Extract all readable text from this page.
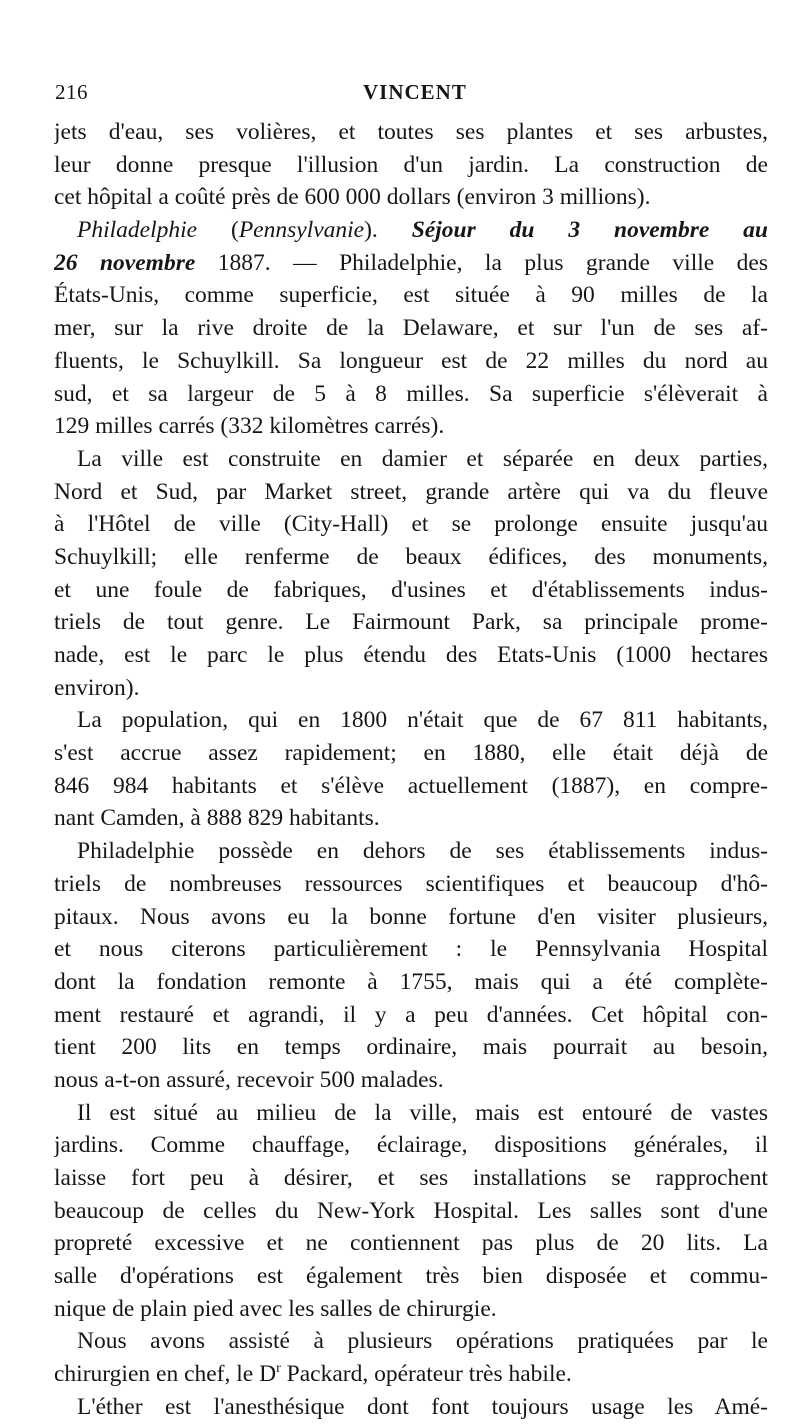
216	VINCENT
jets d'eau, ses volières, et toutes ses plantes et ses arbustes,
leur donne presque l'illusion d'un jardin. La construction de
cet hôpital a coûté près de 600 000 dollars (environ 3 millions).
Philadelphie (Pennsylvanie). Séjour du 3 novembre au
26 novembre 1887. — Philadelphie, la plus grande ville des
États-Unis, comme superficie, est située à 90 milles de la
mer, sur la rive droite de la Delaware, et sur l'un de ses af-
fluents, le Schuylkill. Sa longueur est de 22 milles du nord au
sud, et sa largeur de 5 à 8 milles. Sa superficie s'élèverait à
129 milles carrés (332 kilomètres carrés).
La ville est construite en damier et séparée en deux parties,
Nord et Sud, par Market street, grande artère qui va du fleuve
à l'Hôtel de ville (City-Hall) et se prolonge ensuite jusqu'au
Schuylkill; elle renferme de beaux édifices, des monuments,
et une foule de fabriques, d'usines et d'établissements indus-
triels de tout genre. Le Fairmount Park, sa principale prome-
nade, est le parc le plus étendu des Etats-Unis (1000 hectares
environ).
La population, qui en 1800 n'était que de 67 811 habitants,
s'est accrue assez rapidement; en 1880, elle était déjà de
846 984 habitants et s'élève actuellement (1887), en compre-
nant Camden, à 888 829 habitants.
Philadelphie possède en dehors de ses établissements indus-
triels de nombreuses ressources scientifiques et beaucoup d'hô-
pitaux. Nous avons eu la bonne fortune d'en visiter plusieurs,
et nous citerons particulièrement : le Pennsylvania Hospital
dont la fondation remonte à 1755, mais qui a été complète-
ment restauré et agrandi, il y a peu d'années. Cet hôpital con-
tient 200 lits en temps ordinaire, mais pourrait au besoin,
nous a-t-on assuré, recevoir 500 malades.
Il est situé au milieu de la ville, mais est entouré de vastes
jardins. Comme chauffage, éclairage, dispositions générales, il
laisse fort peu à désirer, et ses installations se rapprochent
beaucoup de celles du New-York Hospital. Les salles sont d'une
propreté excessive et ne contiennent pas plus de 20 lits. La
salle d'opérations est également très bien disposée et commu-
nique de plain pied avec les salles de chirurgie.
Nous avons assisté à plusieurs opérations pratiquées par le
chirurgien en chef, le $D^r$ Packard, opérateur très habile.
L'éther est l'anesthésique dont font toujours usage les Amé-
